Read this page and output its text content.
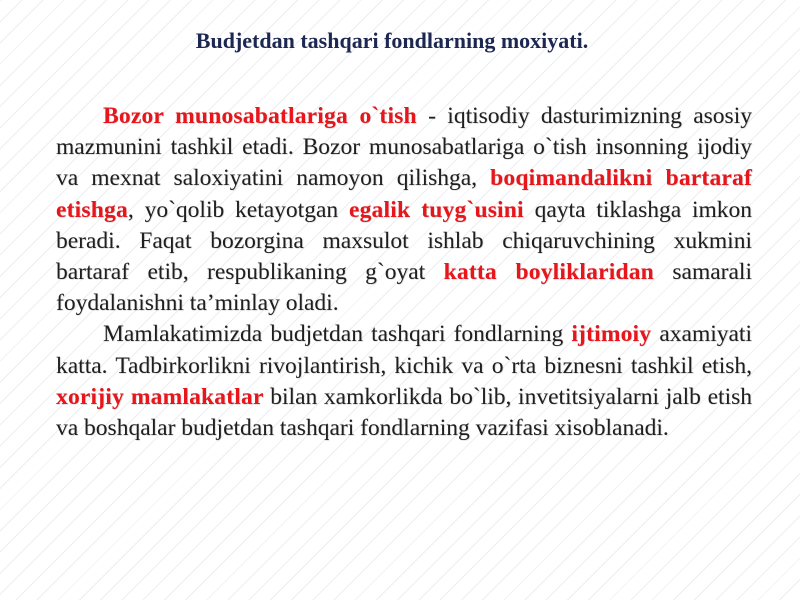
Budjetdan tashqari fondlarning moxiyati.

Bozor munosabatlariga o`tish - iqtisodiy dasturimizning asosiy mazmunini tashkil etadi. Bozor munosabatlariga o`tish insonning ijodiy va mexnat saloxiyatini namoyon qilishga, boqimandalikni bartaraf etishga, yo`qolib ketayotgan egalik tuyg`usini qayta tiklashga imkon beradi. Faqat bozorgina maxsulot ishlab chiqaruvchining xukmini bartaraf etib, respublikaning g`oyat katta boyliklaridan samarali foydalanishni ta’minlay oladi.

Mamlakatimizda budjetdan tashqari fondlarning ijtimoiy axamiyati katta. Tadbirkorlikni rivojlantirish, kichik va o`rta biznesni tashkil etish, xorijiy mamlakatlar bilan xamkorlikda bo`lib, invetitsiyalarni jalb etish va boshqalar budjetdan tashqari fondlarning vazifasi xisoblanadi.
